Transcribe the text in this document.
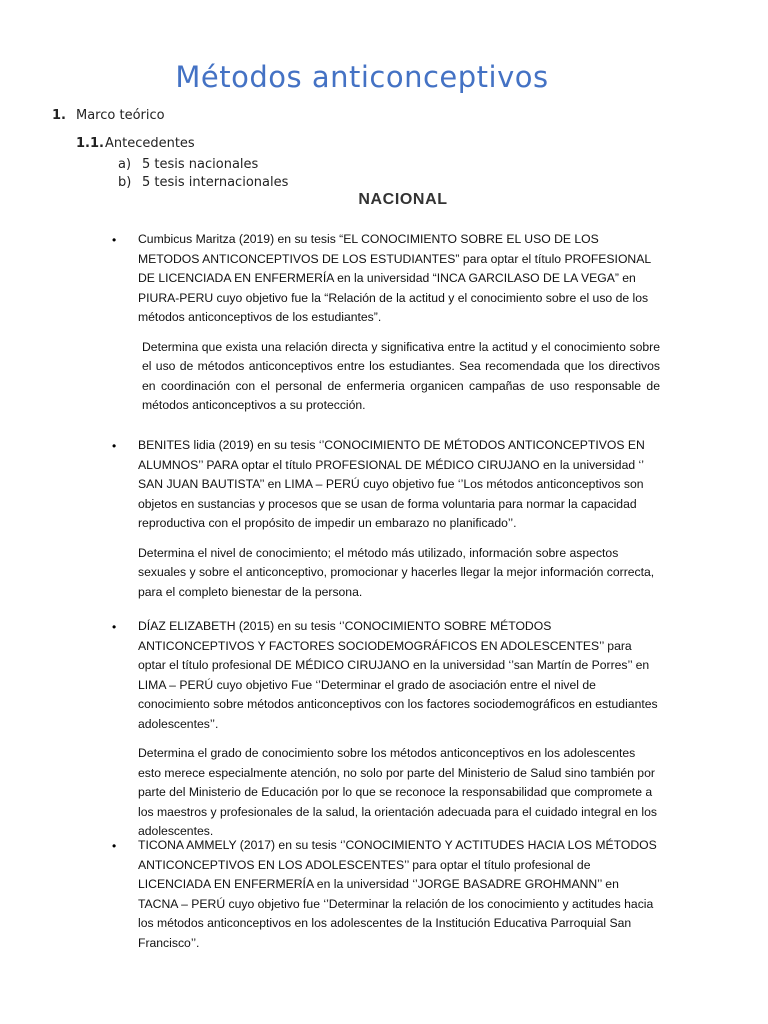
Métodos anticonceptivos
1. Marco teórico
1.1.Antecedentes
a) 5 tesis nacionales
b) 5 tesis internacionales
NACIONAL
•	Cumbicus Maritza (2019) en su tesis “EL CONOCIMIENTO SOBRE EL USO DE LOS METODOS ANTICONCEPTIVOS DE LOS ESTUDIANTES” para optar el título PROFESIONAL DE LICENCIADA EN ENFERMERÍA en la universidad “INCA GARCILASO DE LA VEGA” en PIURA-PERU cuyo objetivo fue la “Relación de la actitud y el conocimiento sobre el uso de los métodos anticonceptivos de los estudiantes”.

Determina que exista una relación directa y significativa entre la actitud y el conocimiento sobre el uso de métodos anticonceptivos entre los estudiantes. Sea recomendada que los directivos en coordinación con el personal de enfermeria organicen campañas de uso responsable de métodos anticonceptivos a su protección.

•	BENITES lidia (2019) en su tesis ‘’CONOCIMIENTO DE MÉTODOS ANTICONCEPTIVOS EN ALUMNOS’’ PARA optar el título PROFESIONAL DE MÉDICO CIRUJANO en la universidad ‘’ SAN JUAN BAUTISTA’’ en LIMA – PERÚ cuyo objetivo fue ‘’Los métodos anticonceptivos son objetos en sustancias y procesos que se usan de forma voluntaria para normar la capacidad reproductiva con el propósito de impedir un embarazo no planificado’’.

Determina el nivel de conocimiento; el método más utilizado, información sobre aspectos sexuales y sobre el anticonceptivo, promocionar y hacerles llegar la mejor información correcta, para el completo bienestar de la persona.

•	DÍAZ ELIZABETH (2015) en su tesis ‘’CONOCIMIENTO SOBRE MÉTODOS ANTICONCEPTIVOS Y FACTORES SOCIODEMOGRÁFICOS EN ADOLESCENTES’’ para optar el título profesional DE MÉDICO CIRUJANO en la universidad ‘’san Martín de Porres’’ en LIMA – PERÚ cuyo objetivo Fue ‘’Determinar el grado de asociación entre el nivel de conocimiento sobre métodos anticonceptivos con los factores sociodemográficos en estudiantes adolescentes’’.

Determina el grado de conocimiento sobre los métodos anticonceptivos en los adolescentes esto merece especialmente atención, no solo por parte del Ministerio de Salud sino también por parte del Ministerio de Educación por lo que se reconoce la responsabilidad que compromete a los maestros y profesionales de la salud, la orientación adecuada para el cuidado integral en los adolescentes.

•	TICONA AMMELY (2017) en su tesis ‘’CONOCIMIENTO Y ACTITUDES HACIA LOS MÉTODOS ANTICONCEPTIVOS EN LOS ADOLESCENTES’’ para optar el título profesional de LICENCIADA EN ENFERMERÍA en la universidad ‘’JORGE BASADRE GROHMANN’’ en TACNA – PERÚ cuyo objetivo fue ‘’Determinar la relación de los conocimiento y actitudes hacia los métodos anticonceptivos en los adolescentes de la Institución Educativa Parroquial San Francisco’’.
